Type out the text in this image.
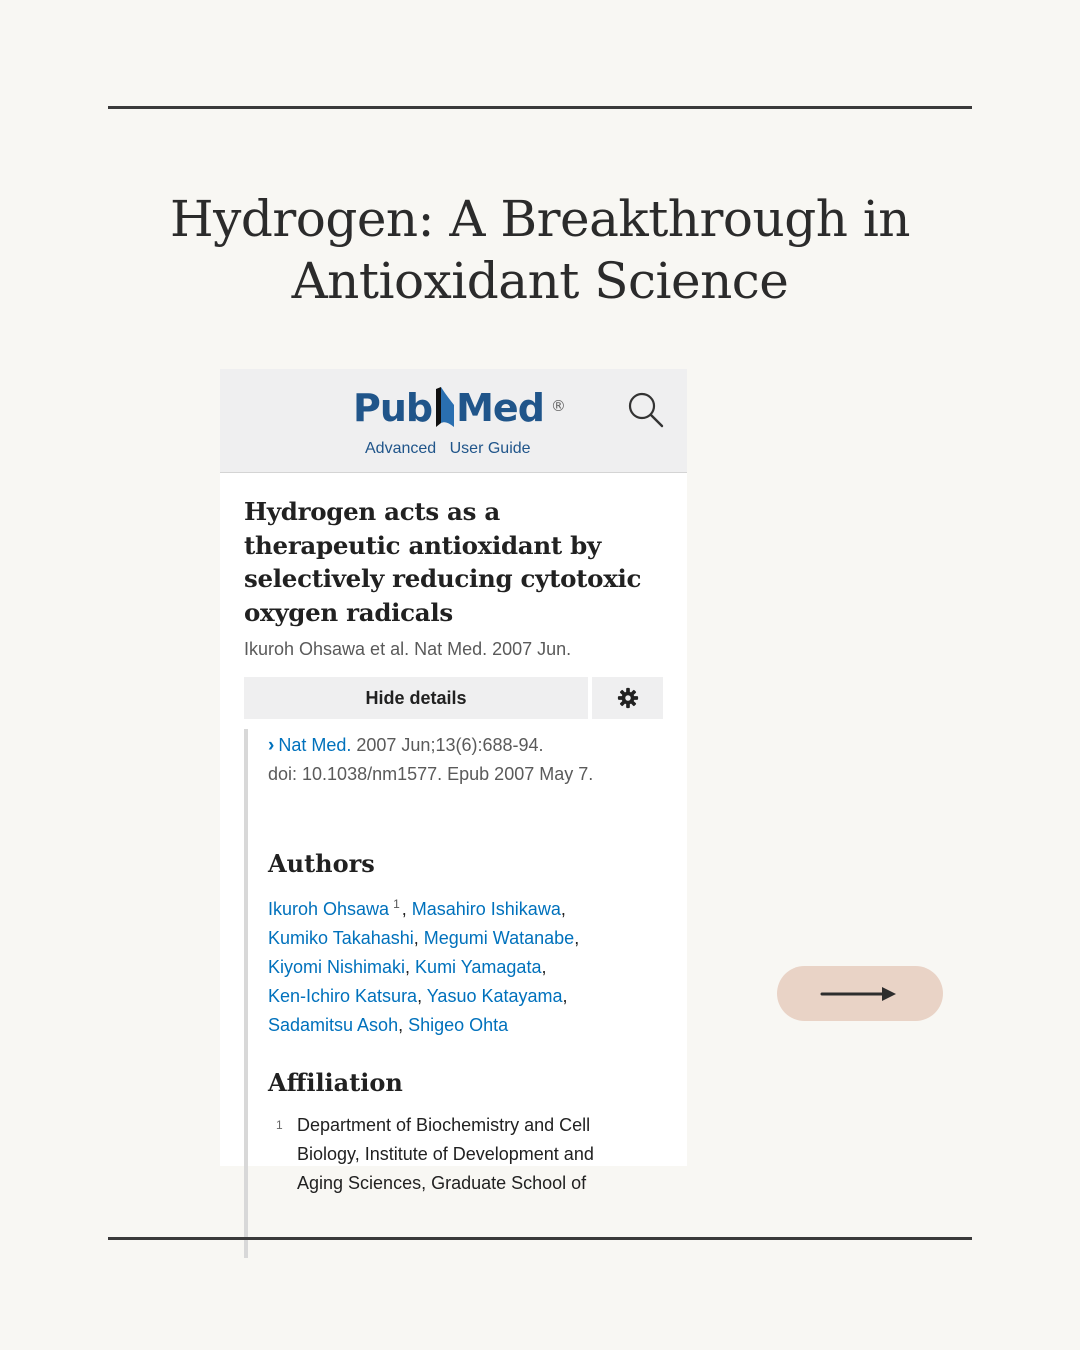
Hydrogen: A Breakthrough in
Antioxidant Science
Pub Med ®
Advanced User Guide
Hydrogen acts as a therapeutic antioxidant by selectively reducing cytotoxic oxygen radicals
Ikuroh Ohsawa et al. Nat Med. 2007 Jun.
Hide details
› Nat Med. 2007 Jun;13(6):688-94.
doi: 10.1038/nm1577. Epub 2007 May 7.
Authors
Ikuroh Ohsawa $^1$ , Masahiro Ishikawa,
Kumiko Takahashi, Megumi Watanabe,
Kiyomi Nishimaki, Kumi Yamagata,
Ken-Ichiro Katsura, Yasuo Katayama,
Sadamitsu Asoh, Shigeo Ohta
Affiliation
1 Department of Biochemistry and Cell Biology, Institute of Development and Aging Sciences, Graduate School of
